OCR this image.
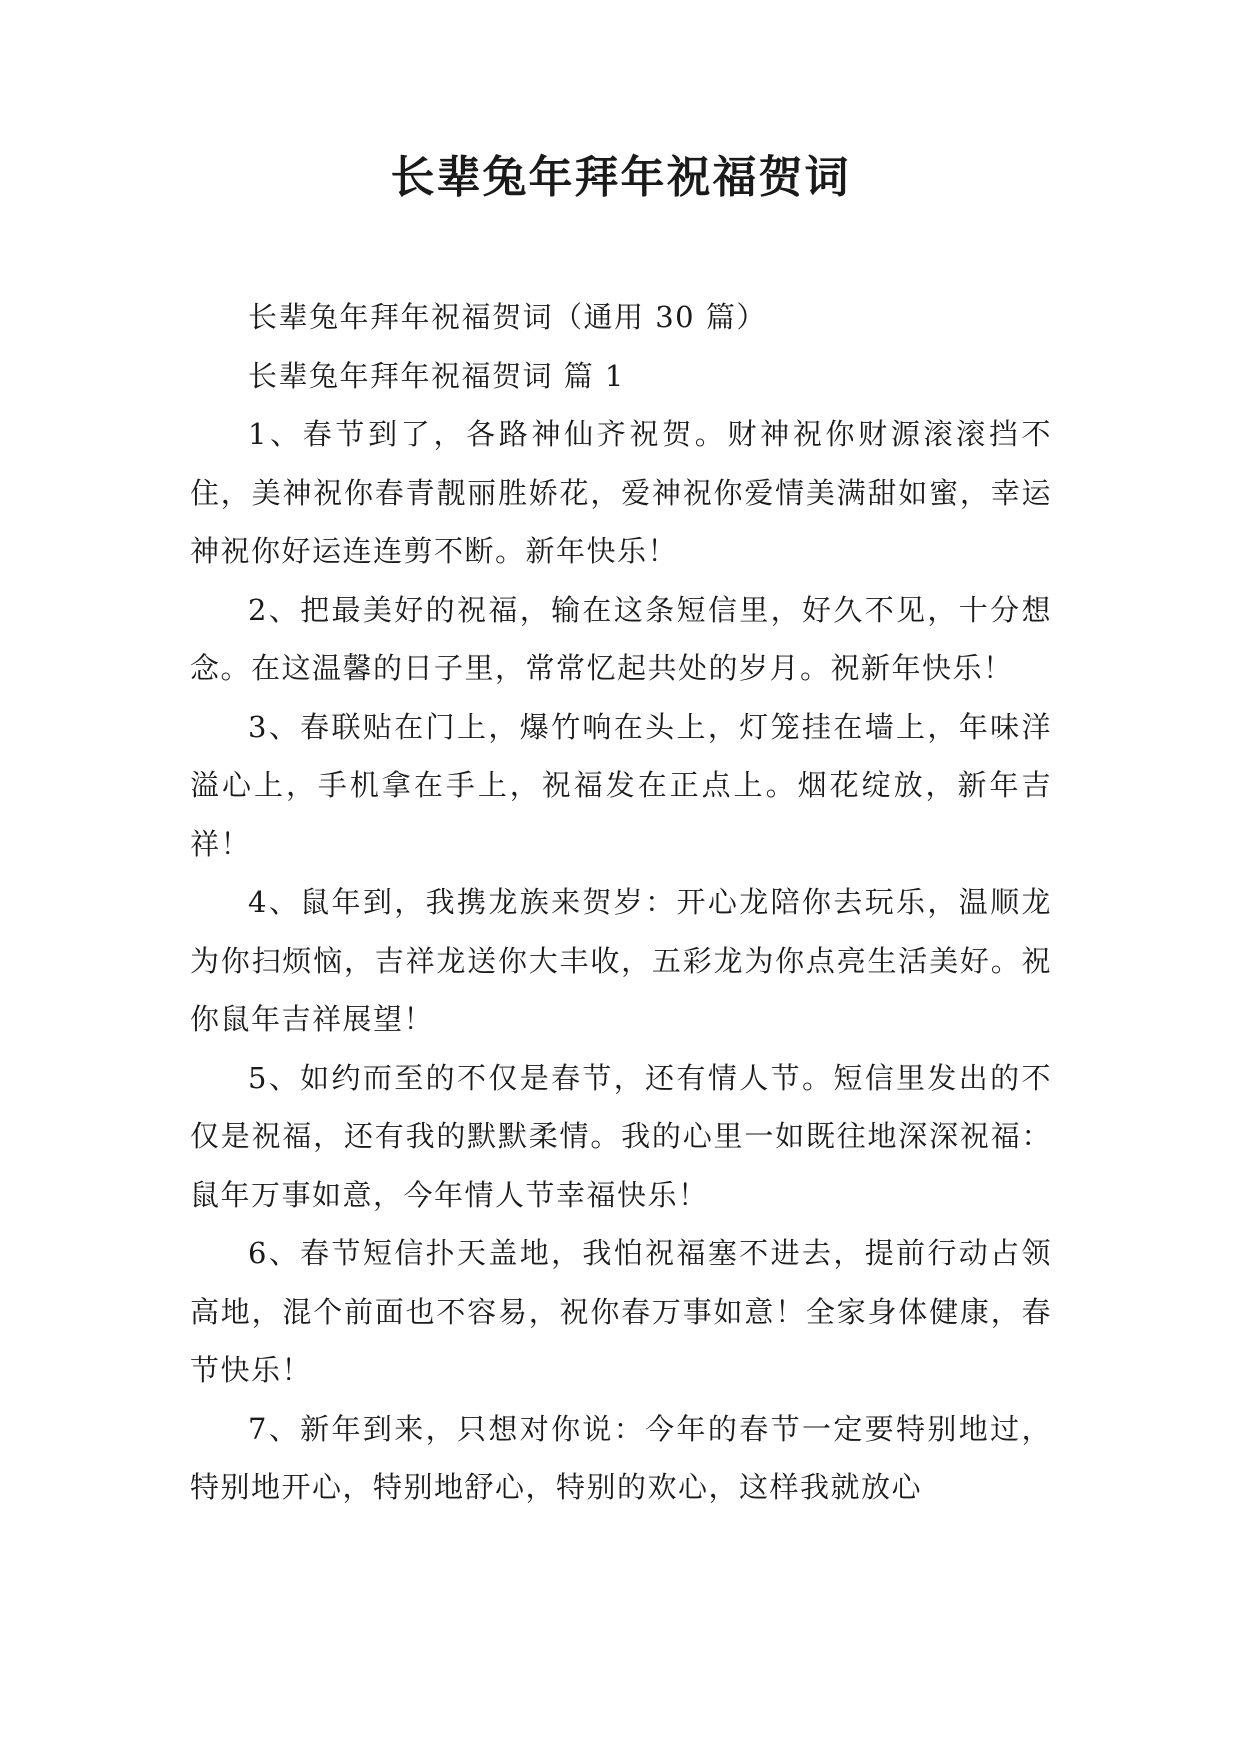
长辈兔年拜年祝福贺词

长辈兔年拜年祝福贺词（通用 30 篇）

长辈兔年拜年祝福贺词 篇 1

1、春节到了，各路神仙齐祝贺。财神祝你财源滚滚挡不住，美神祝你春青靓丽胜娇花，爱神祝你爱情美满甜如蜜，幸运神祝你好运连连剪不断。新年快乐！

2、把最美好的祝福，输在这条短信里，好久不见，十分想念。在这温馨的日子里，常常忆起共处的岁月。祝新年快乐！

3、春联贴在门上，爆竹响在头上，灯笼挂在墙上，年味洋溢心上，手机拿在手上，祝福发在正点上。烟花绽放，新年吉祥！

4、鼠年到，我携龙族来贺岁：开心龙陪你去玩乐，温顺龙为你扫烦恼，吉祥龙送你大丰收，五彩龙为你点亮生活美好。祝你鼠年吉祥展望！

5、如约而至的不仅是春节，还有情人节。短信里发出的不仅是祝福，还有我的默默柔情。我的心里一如既往地深深祝福：鼠年万事如意，今年情人节幸福快乐！

6、春节短信扑天盖地，我怕祝福塞不进去，提前行动占领高地，混个前面也不容易，祝你春万事如意！全家身体健康，春节快乐！

7、新年到来，只想对你说：今年的春节一定要特别地过，特别地开心，特别地舒心，特别的欢心，这样我就放心
